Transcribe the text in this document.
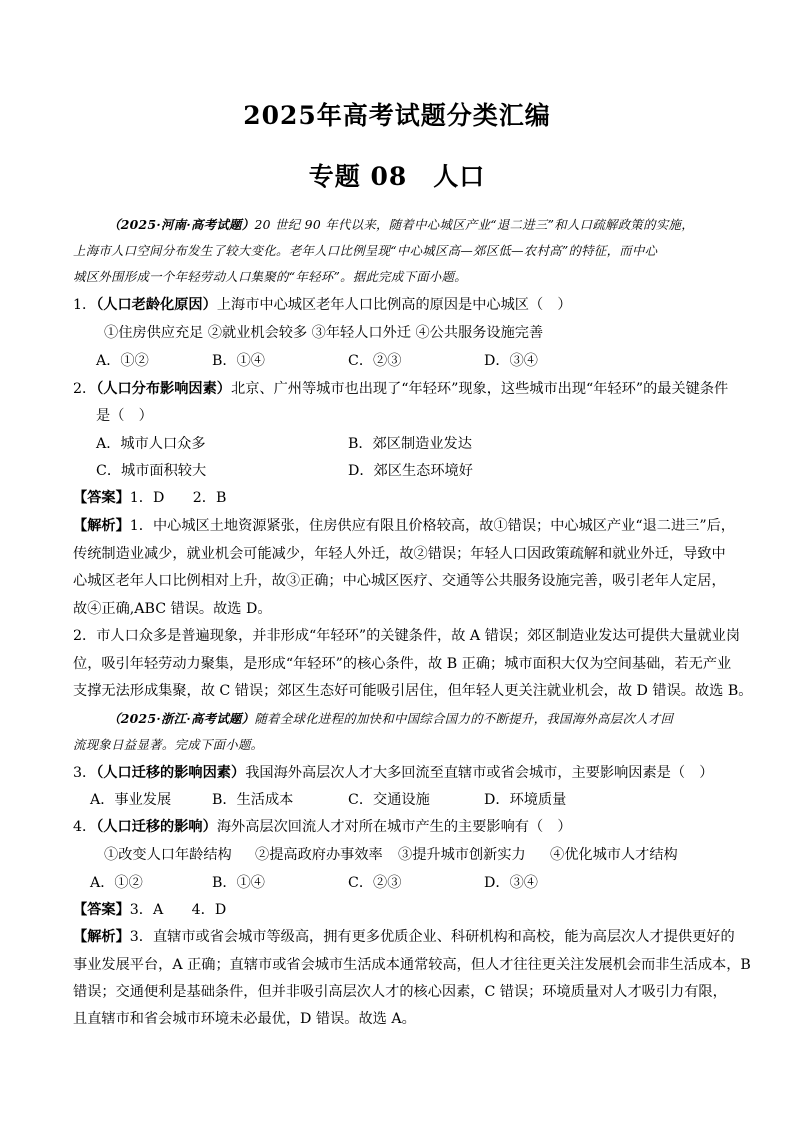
2025年高考试题分类汇编
专题 08　人口
（2025·河南·高考试题）20 世纪 90 年代以来，随着中心城区产业“退二进三”和人口疏解政策的实施，
上海市人口空间分布发生了较大变化。老年人口比例呈现“中心城区高—郊区低—农村高”的特征，而中心
城区外围形成一个年轻劳动人口集聚的“年轻环”。据此完成下面小题。
1．（人口老龄化原因）上海市中心城区老年人口比例高的原因是中心城区（　）
①住房供应充足 ②就业机会较多 ③年轻人口外迁 ④公共服务设施完善
A．①②	B．①④	C．②③	D．③④
2．（人口分布影响因素）北京、广州等城市也出现了“年轻环”现象，这些城市出现“年轻环”的最关键条件
是（　）
A．城市人口众多	B．郊区制造业发达
C．城市面积较大	D．郊区生态环境好
【答案】1．D　　2．B
【解析】1．中心城区土地资源紧张，住房供应有限且价格较高，故①错误；中心城区产业“退二进三”后，
传统制造业减少，就业机会可能减少，年轻人外迁，故②错误；年轻人口因政策疏解和就业外迁，导致中
心城区老年人口比例相对上升，故③正确；中心城区医疗、交通等公共服务设施完善，吸引老年人定居，
故④正确,ABC 错误。故选 D。
2．市人口众多是普遍现象，并非形成“年轻环”的关键条件，故 A 错误；郊区制造业发达可提供大量就业岗
位，吸引年轻劳动力聚集，是形成“年轻环”的核心条件，故 B 正确；城市面积大仅为空间基础，若无产业
支撑无法形成集聚，故 C 错误；郊区生态好可能吸引居住，但年轻人更关注就业机会，故 D 错误。故选 B。
（2025·浙江·高考试题）随着全球化进程的加快和中国综合国力的不断提升，我国海外高层次人才回
流现象日益显著。完成下面小题。
3．（人口迁移的影响因素）我国海外高层次人才大多回流至直辖市或省会城市，主要影响因素是（　）
A．事业发展	B．生活成本	C．交通设施	D．环境质量
4．（人口迁移的影响）海外高层次回流人才对所在城市产生的主要影响有（　）
①改变人口年龄结构 ②提高政府办事效率 ③提升城市创新实力 ④优化城市人才结构
A．①②	B．①④	C．②③	D．③④
【答案】3．A　　4．D
【解析】3．直辖市或省会城市等级高，拥有更多优质企业、科研机构和高校，能为高层次人才提供更好的
事业发展平台，A 正确；直辖市或省会城市生活成本通常较高，但人才往往更关注发展机会而非生活成本，B
错误；交通便利是基础条件，但并非吸引高层次人才的核心因素，C 错误；环境质量对人才吸引力有限，
且直辖市和省会城市环境未必最优，D 错误。故选 A。
